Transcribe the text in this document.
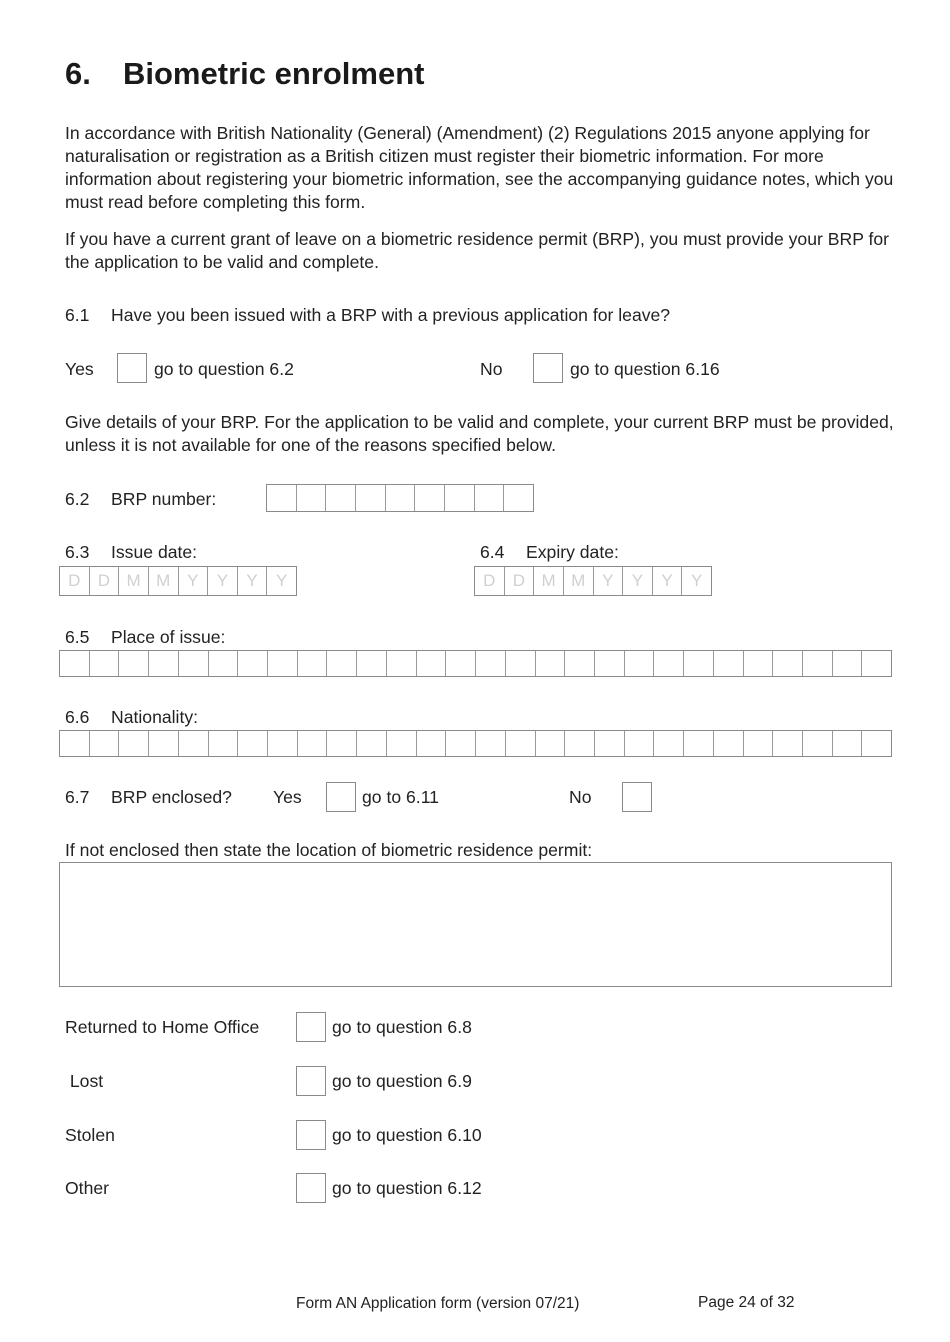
6. Biometric enrolment
In accordance with British Nationality (General) (Amendment) (2) Regulations 2015 anyone applying for naturalisation or registration as a British citizen must register their biometric information. For more information about registering your biometric information, see the accompanying guidance notes, which you must read before completing this form.
If you have a current grant of leave on a biometric residence permit (BRP), you must provide your BRP for the application to be valid and complete.
6.1 Have you been issued with a BRP with a previous application for leave?
Yes	go to question 6.2	No	go to question 6.16
Give details of your BRP. For the application to be valid and complete, your current BRP must be provided, unless it is not available for one of the reasons specified below.
6.2 BRP number:
6.3 Issue date:
D	D M M Y	Y	Y	Y
6.4 Expiry date:
D	D M M Y	Y	Y	Y
6.5 Place of issue:
6.6 Nationality:
6.7 BRP enclosed? Yes	go to 6.11	No
If not enclosed then state the location of biometric residence permit:
Returned to Home Office	go to question 6.8
Lost	go to question 6.9
Stolen	go to question 6.10
Other	go to question 6.12
Form AN Application form (version 07/21)	Page 24 of 32
